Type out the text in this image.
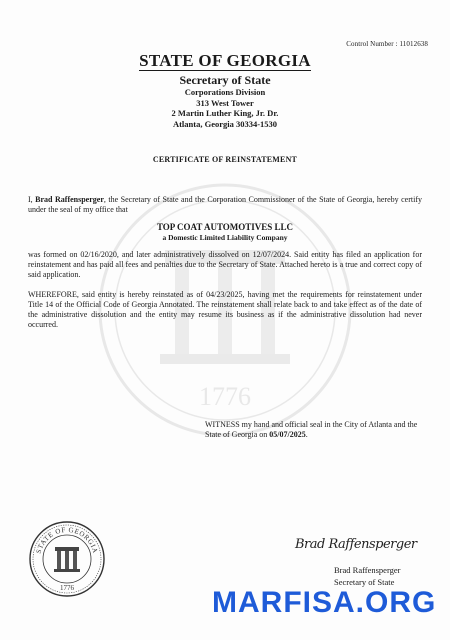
1776
Control Number : 11012638
STATE OF GEORGIA
Secretary of State
Corporations Division
313 West Tower
2 Martin Luther King, Jr. Dr.
Atlanta, Georgia 30334-1530
CERTIFICATE OF REINSTATEMENT
I, Brad Raffensperger, the Secretary of State and the Corporation Commissioner of the State of Georgia, hereby certify under the seal of my office that
TOP COAT AUTOMOTIVES LLC
a Domestic Limited Liability Company
was formed on 02/16/2020, and later administratively dissolved on 12/07/2024. Said entity has filed an application for reinstatement and has paid all fees and penalties due to the Secretary of State. Attached hereto is a true and correct copy of said application.
WHEREFORE, said entity is hereby reinstated as of 04/23/2025, having met the requirements for reinstatement under Title 14 of the Official Code of Georgia Annotated. The reinstatement shall relate back to and take effect as of the date of the administrative dissolution and the entity may resume its business as if the administrative dissolution had never occurred.
WITNESS my hand and official seal in the City of Atlanta and the State of Georgia on 05/07/2025.
STATE OF GEORGIA
1776
Brad Raffensperger
Brad Raffensperger
Secretary of State
MARFISA.ORG
